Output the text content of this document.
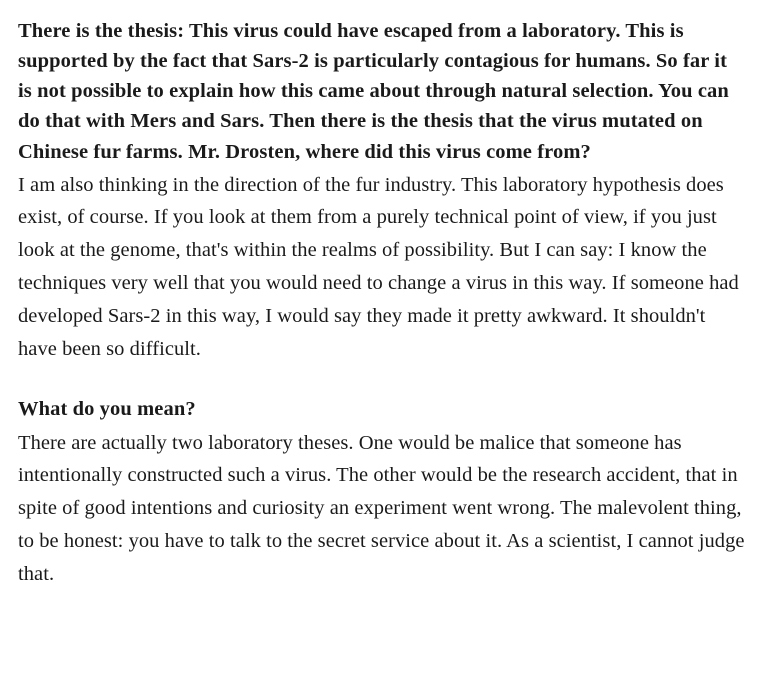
There is the thesis: This virus could have escaped from a laboratory. This is supported by the fact that Sars-2 is particularly contagious for humans. So far it is not possible to explain how this came about through natural selection. You can do that with Mers and Sars. Then there is the thesis that the virus mutated on Chinese fur farms. Mr. Drosten, where did this virus come from?

I am also thinking in the direction of the fur industry. This laboratory hypothesis does exist, of course. If you look at them from a purely technical point of view, if you just look at the genome, that's within the realms of possibility. But I can say: I know the techniques very well that you would need to change a virus in this way. If someone had developed Sars-2 in this way, I would say they made it pretty awkward. It shouldn't have been so difficult.

What do you mean?

There are actually two laboratory theses. One would be malice that someone has intentionally constructed such a virus. The other would be the research accident, that in spite of good intentions and curiosity an experiment went wrong. The malevolent thing, to be honest: you have to talk to the secret service about it. As a scientist, I cannot judge that.
